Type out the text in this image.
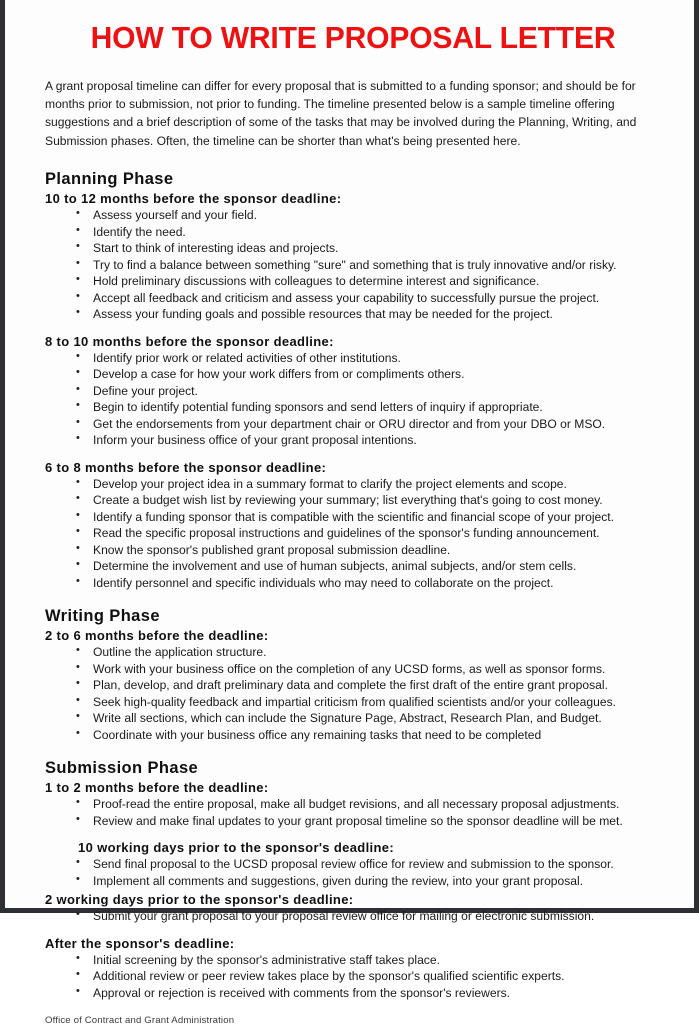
HOW TO WRITE PROPOSAL LETTER

A grant proposal timeline can differ for every proposal that is submitted to a funding sponsor; and should be for months prior to submission, not prior to funding. The timeline presented below is a sample timeline offering suggestions and a brief description of some of the tasks that may be involved during the Planning, Writing, and Submission phases. Often, the timeline can be shorter than what's being presented here.

Planning Phase
10 to 12 months before the sponsor deadline:
• Assess yourself and your field.
• Identify the need.
• Start to think of interesting ideas and projects.
• Try to find a balance between something "sure" and something that is truly innovative and/or risky.
• Hold preliminary discussions with colleagues to determine interest and significance.
• Accept all feedback and criticism and assess your capability to successfully pursue the project.
• Assess your funding goals and possible resources that may be needed for the project.
8 to 10 months before the sponsor deadline:
• Identify prior work or related activities of other institutions.
• Develop a case for how your work differs from or compliments others.
• Define your project.
• Begin to identify potential funding sponsors and send letters of inquiry if appropriate.
• Get the endorsements from your department chair or ORU director and from your DBO or MSO.
• Inform your business office of your grant proposal intentions.
6 to 8 months before the sponsor deadline:
• Develop your project idea in a summary format to clarify the project elements and scope.
• Create a budget wish list by reviewing your summary; list everything that's going to cost money.
• Identify a funding sponsor that is compatible with the scientific and financial scope of your project.
• Read the specific proposal instructions and guidelines of the sponsor's funding announcement.
• Know the sponsor's published grant proposal submission deadline.
• Determine the involvement and use of human subjects, animal subjects, and/or stem cells.
• Identify personnel and specific individuals who may need to collaborate on the project.
Writing Phase
2 to 6 months before the deadline:
• Outline the application structure.
• Work with your business office on the completion of any UCSD forms, as well as sponsor forms.
• Plan, develop, and draft preliminary data and complete the first draft of the entire grant proposal.
• Seek high-quality feedback and impartial criticism from qualified scientists and/or your colleagues.
• Write all sections, which can include the Signature Page, Abstract, Research Plan, and Budget.
• Coordinate with your business office any remaining tasks that need to be completed
Submission Phase
1 to 2 months before the deadline:
• Proof-read the entire proposal, make all budget revisions, and all necessary proposal adjustments.
• Review and make final updates to your grant proposal timeline so the sponsor deadline will be met.
10 working days prior to the sponsor's deadline:
• Send final proposal to the UCSD proposal review office for review and submission to the sponsor.
• Implement all comments and suggestions, given during the review, into your grant proposal.
2 working days prior to the sponsor's deadline:
• Submit your grant proposal to your proposal review office for mailing or electronic submission.
After the sponsor's deadline:
• Initial screening by the sponsor's administrative staff takes place.
• Additional review or peer review takes place by the sponsor's qualified scientific experts.
• Approval or rejection is received with comments from the sponsor's reviewers.
Office of Contract and Grant Administration
